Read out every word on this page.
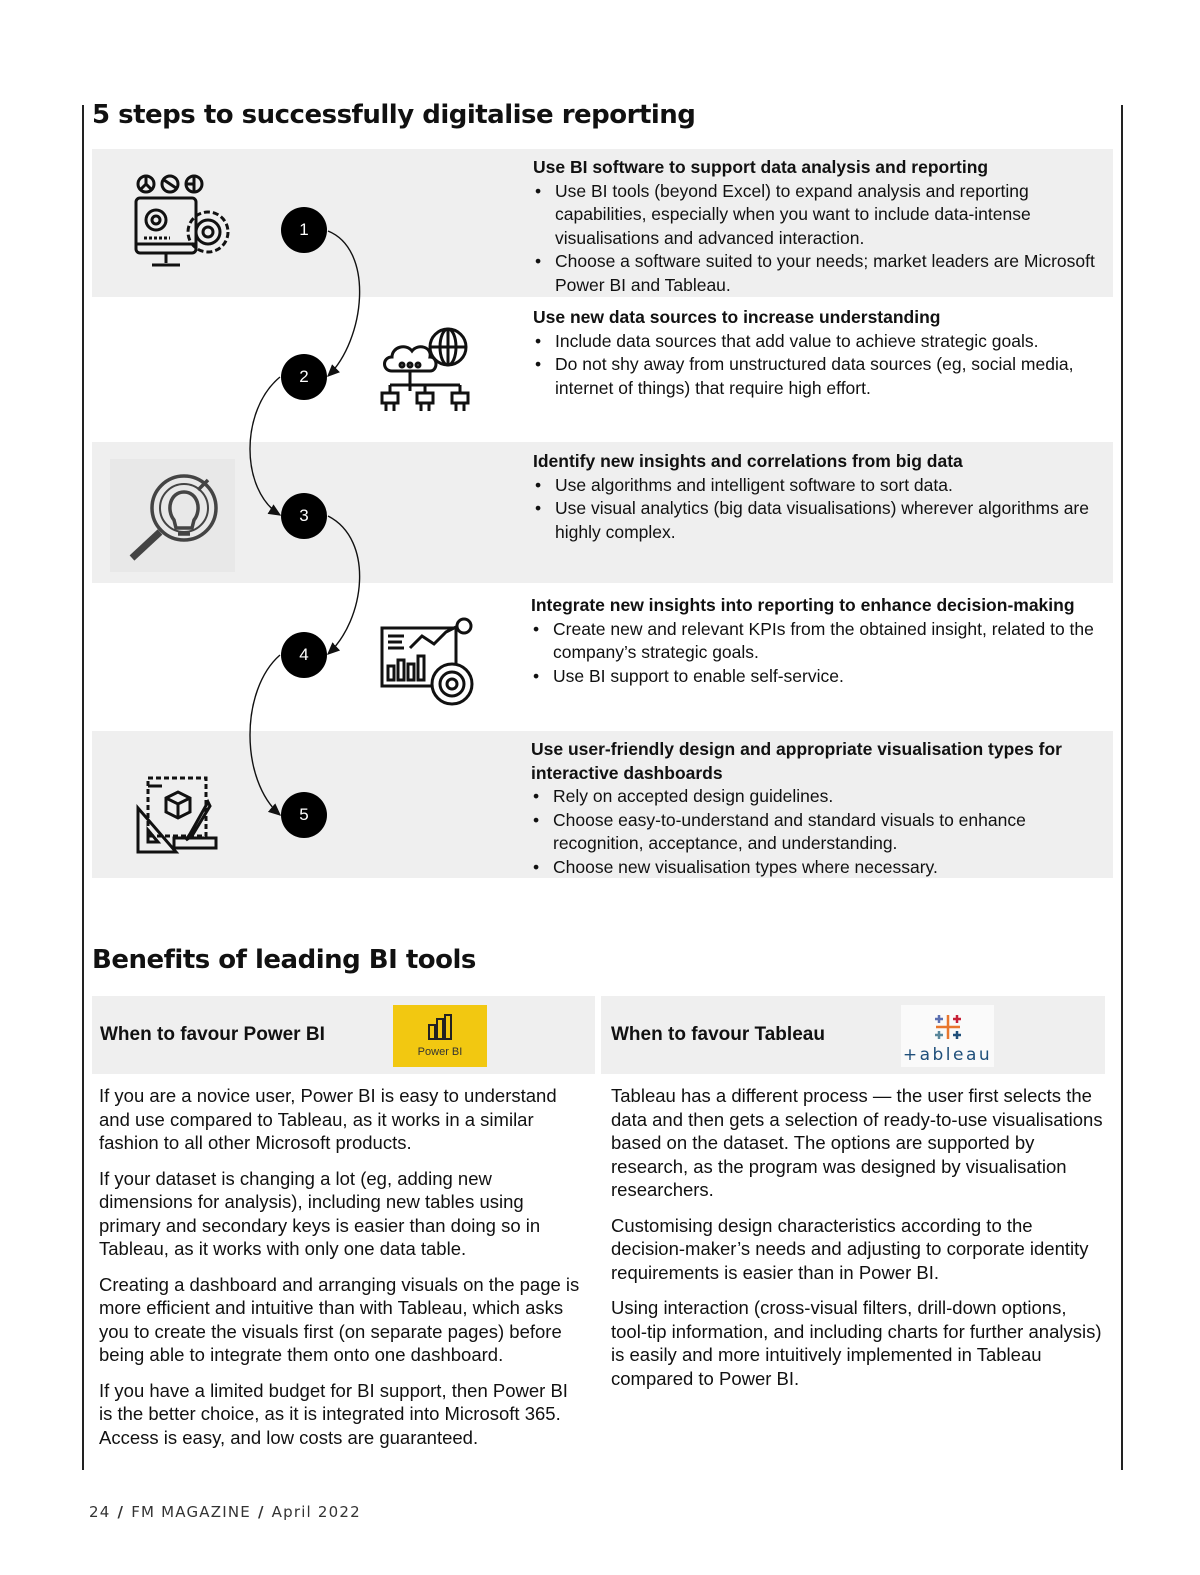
5 steps to successfully digitalise reporting
1
2
3
4
5
Use BI software to support data analysis and reporting
• Use BI tools (beyond Excel) to expand analysis and reporting capabilities, especially when you want to include data-intense visualisations and advanced interaction.
• Choose a software suited to your needs; market leaders are Microsoft Power BI and Tableau.
Use new data sources to increase understanding
• Include data sources that add value to achieve strategic goals.
• Do not shy away from unstructured data sources (eg, social media, internet of things) that require high effort.
Identify new insights and correlations from big data
• Use algorithms and intelligent software to sort data.
• Use visual analytics (big data visualisations) wherever algorithms are highly complex.
Integrate new insights into reporting to enhance decision-making
• Create new and relevant KPIs from the obtained insight, related to the company’s strategic goals.
• Use BI support to enable self-service.
Use user-friendly design and appropriate visualisation types for interactive dashboards
• Rely on accepted design guidelines.
• Choose easy-to-understand and standard visuals to enhance recognition, acceptance, and understanding.
• Choose new visualisation types where necessary.
Benefits of leading BI tools
When to favour Power BI	When to favour Tableau
Power BI	+ableau

If you are a novice user, Power BI is easy to understand and use compared to Tableau, as it works in a similar fashion to all other Microsoft products.

If your dataset is changing a lot (eg, adding new dimensions for analysis), including new tables using primary and secondary keys is easier than doing so in Tableau, as it works with only one data table.

Creating a dashboard and arranging visuals on the page is more efficient and intuitive than with Tableau, which asks you to create the visuals first (on separate pages) before being able to integrate them onto one dashboard.

If you have a limited budget for BI support, then Power BI is the better choice, as it is integrated into Microsoft 365. Access is easy, and low costs are guaranteed.

Tableau has a different process — the user first selects the data and then gets a selection of ready-to-use visualisations based on the dataset. The options are supported by research, as the program was designed by visualisation researchers.

Customising design characteristics according to the decision-maker’s needs and adjusting to corporate identity requirements is easier than in Power BI.

Using interaction (cross-visual filters, drill-down options, tool-tip information, and including charts for further analysis) is easily and more intuitively implemented in Tableau compared to Power BI.

24 / FM MAGAZINE / April 2022
